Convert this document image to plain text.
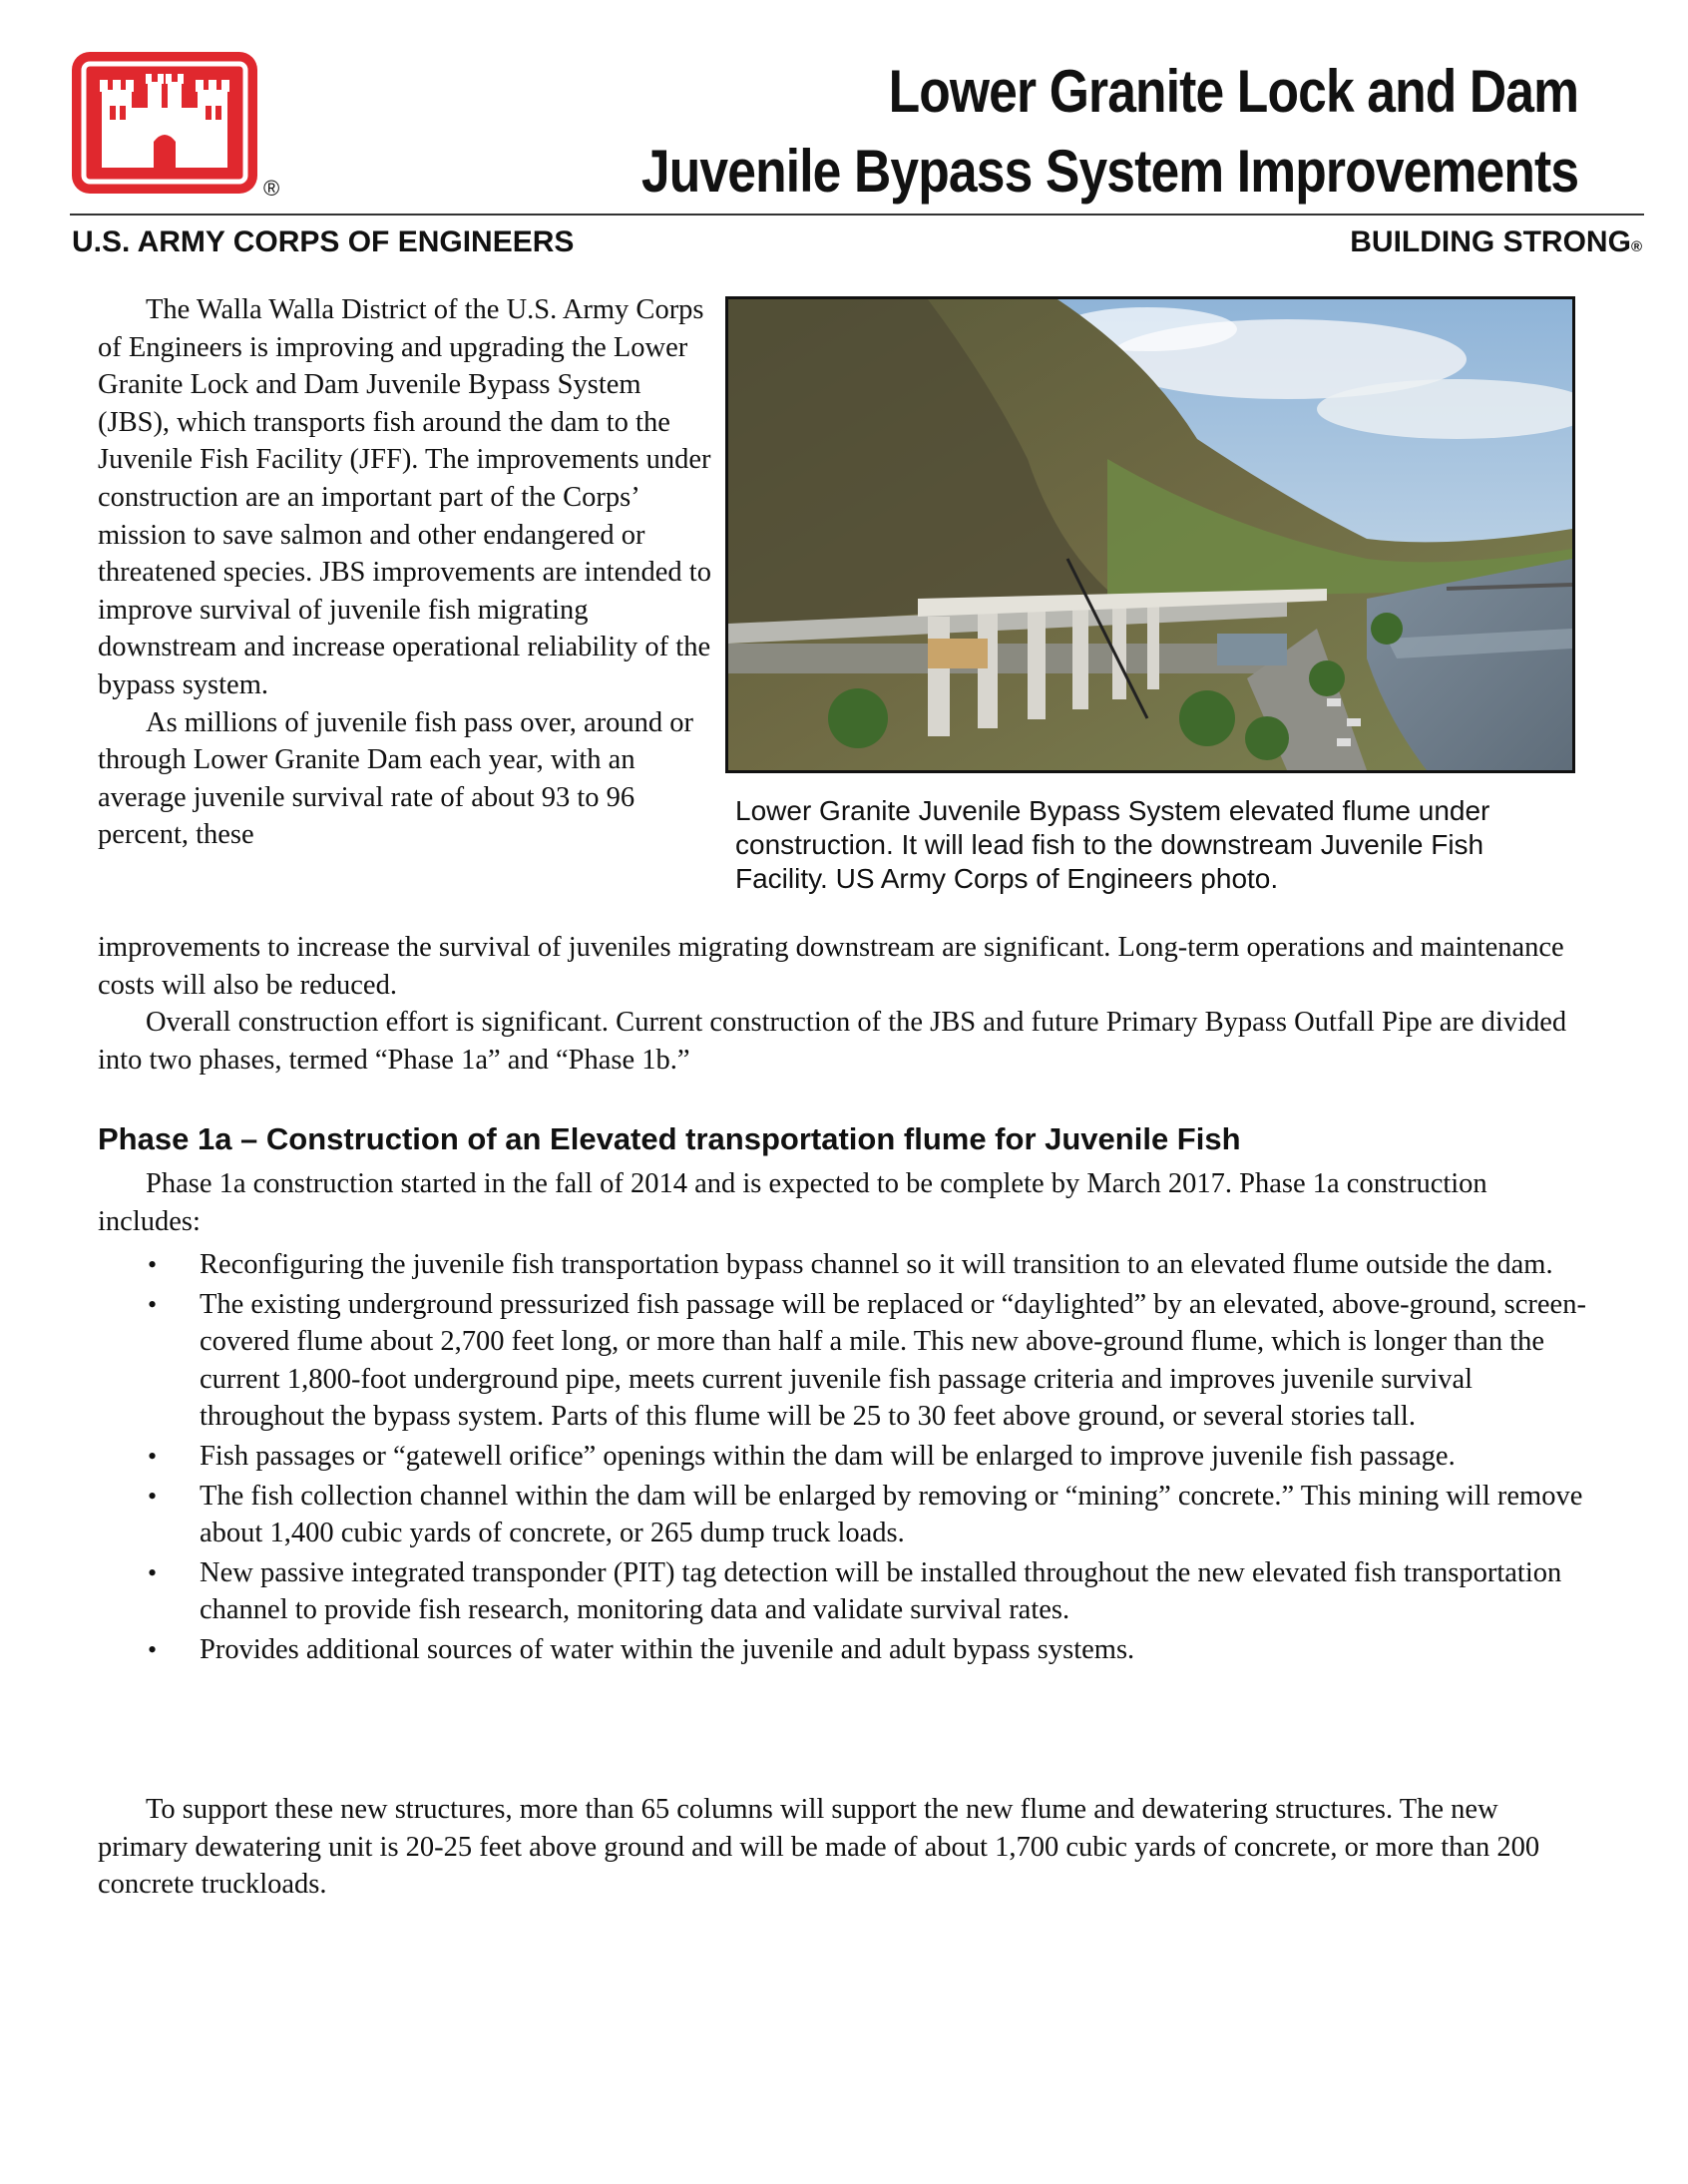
®
Lower Granite Lock and Dam
Juvenile Bypass System Improvements
U.S. ARMY CORPS OF ENGINEERS	BUILDING STRONG®

The Walla Walla District of the U.S. Army Corps of Engineers is improving and upgrading the Lower Granite Lock and Dam Juvenile Bypass System (JBS), which transports fish around the dam to the Juvenile Fish Facility (JFF). The improvements under construction are an important part of the Corps’ mission to save salmon and other endangered or threatened species. JBS improvements are intended to improve survival of juvenile fish migrating downstream and increase operational reliability of the bypass system.

As millions of juvenile fish pass over, around or through Lower Granite Dam each year, with an average juvenile survival rate of about 93 to 96 percent, these

Lower Granite Juvenile Bypass System elevated flume under construction. It will lead fish to the downstream Juvenile Fish Facility. US Army Corps of Engineers photo.

improvements to increase the survival of juveniles migrating downstream are significant. Long-term operations and maintenance costs will also be reduced.

Overall construction effort is significant. Current construction of the JBS and future Primary Bypass Outfall Pipe are divided into two phases, termed “Phase 1a” and “Phase 1b.”

Phase 1a – Construction of an Elevated transportation flume for Juvenile Fish

Phase 1a construction started in the fall of 2014 and is expected to be complete by March 2017. Phase 1a construction includes:

• Reconfiguring the juvenile fish transportation bypass channel so it will transition to an elevated flume outside the dam.
• The existing underground pressurized fish passage will be replaced or “daylighted” by an elevated, above-ground, screen-covered flume about 2,700 feet long, or more than half a mile. This new above-ground flume, which is longer than the current 1,800-foot underground pipe, meets current juvenile fish passage criteria and improves juvenile survival throughout the bypass system. Parts of this flume will be 25 to 30 feet above ground, or several stories tall.
• Fish passages or “gatewell orifice” openings within the dam will be enlarged to improve juvenile fish passage.
• The fish collection channel within the dam will be enlarged by removing or “mining” concrete.” This mining will remove about 1,400 cubic yards of concrete, or 265 dump truck loads.
• New passive integrated transponder (PIT) tag detection will be installed throughout the new elevated fish transportation channel to provide fish research, monitoring data and validate survival rates.
• Provides additional sources of water within the juvenile and adult bypass systems.

To support these new structures, more than 65 columns will support the new flume and dewatering structures. The new primary dewatering unit is 20-25 feet above ground and will be made of about 1,700 cubic yards of concrete, or more than 200 concrete truckloads.
